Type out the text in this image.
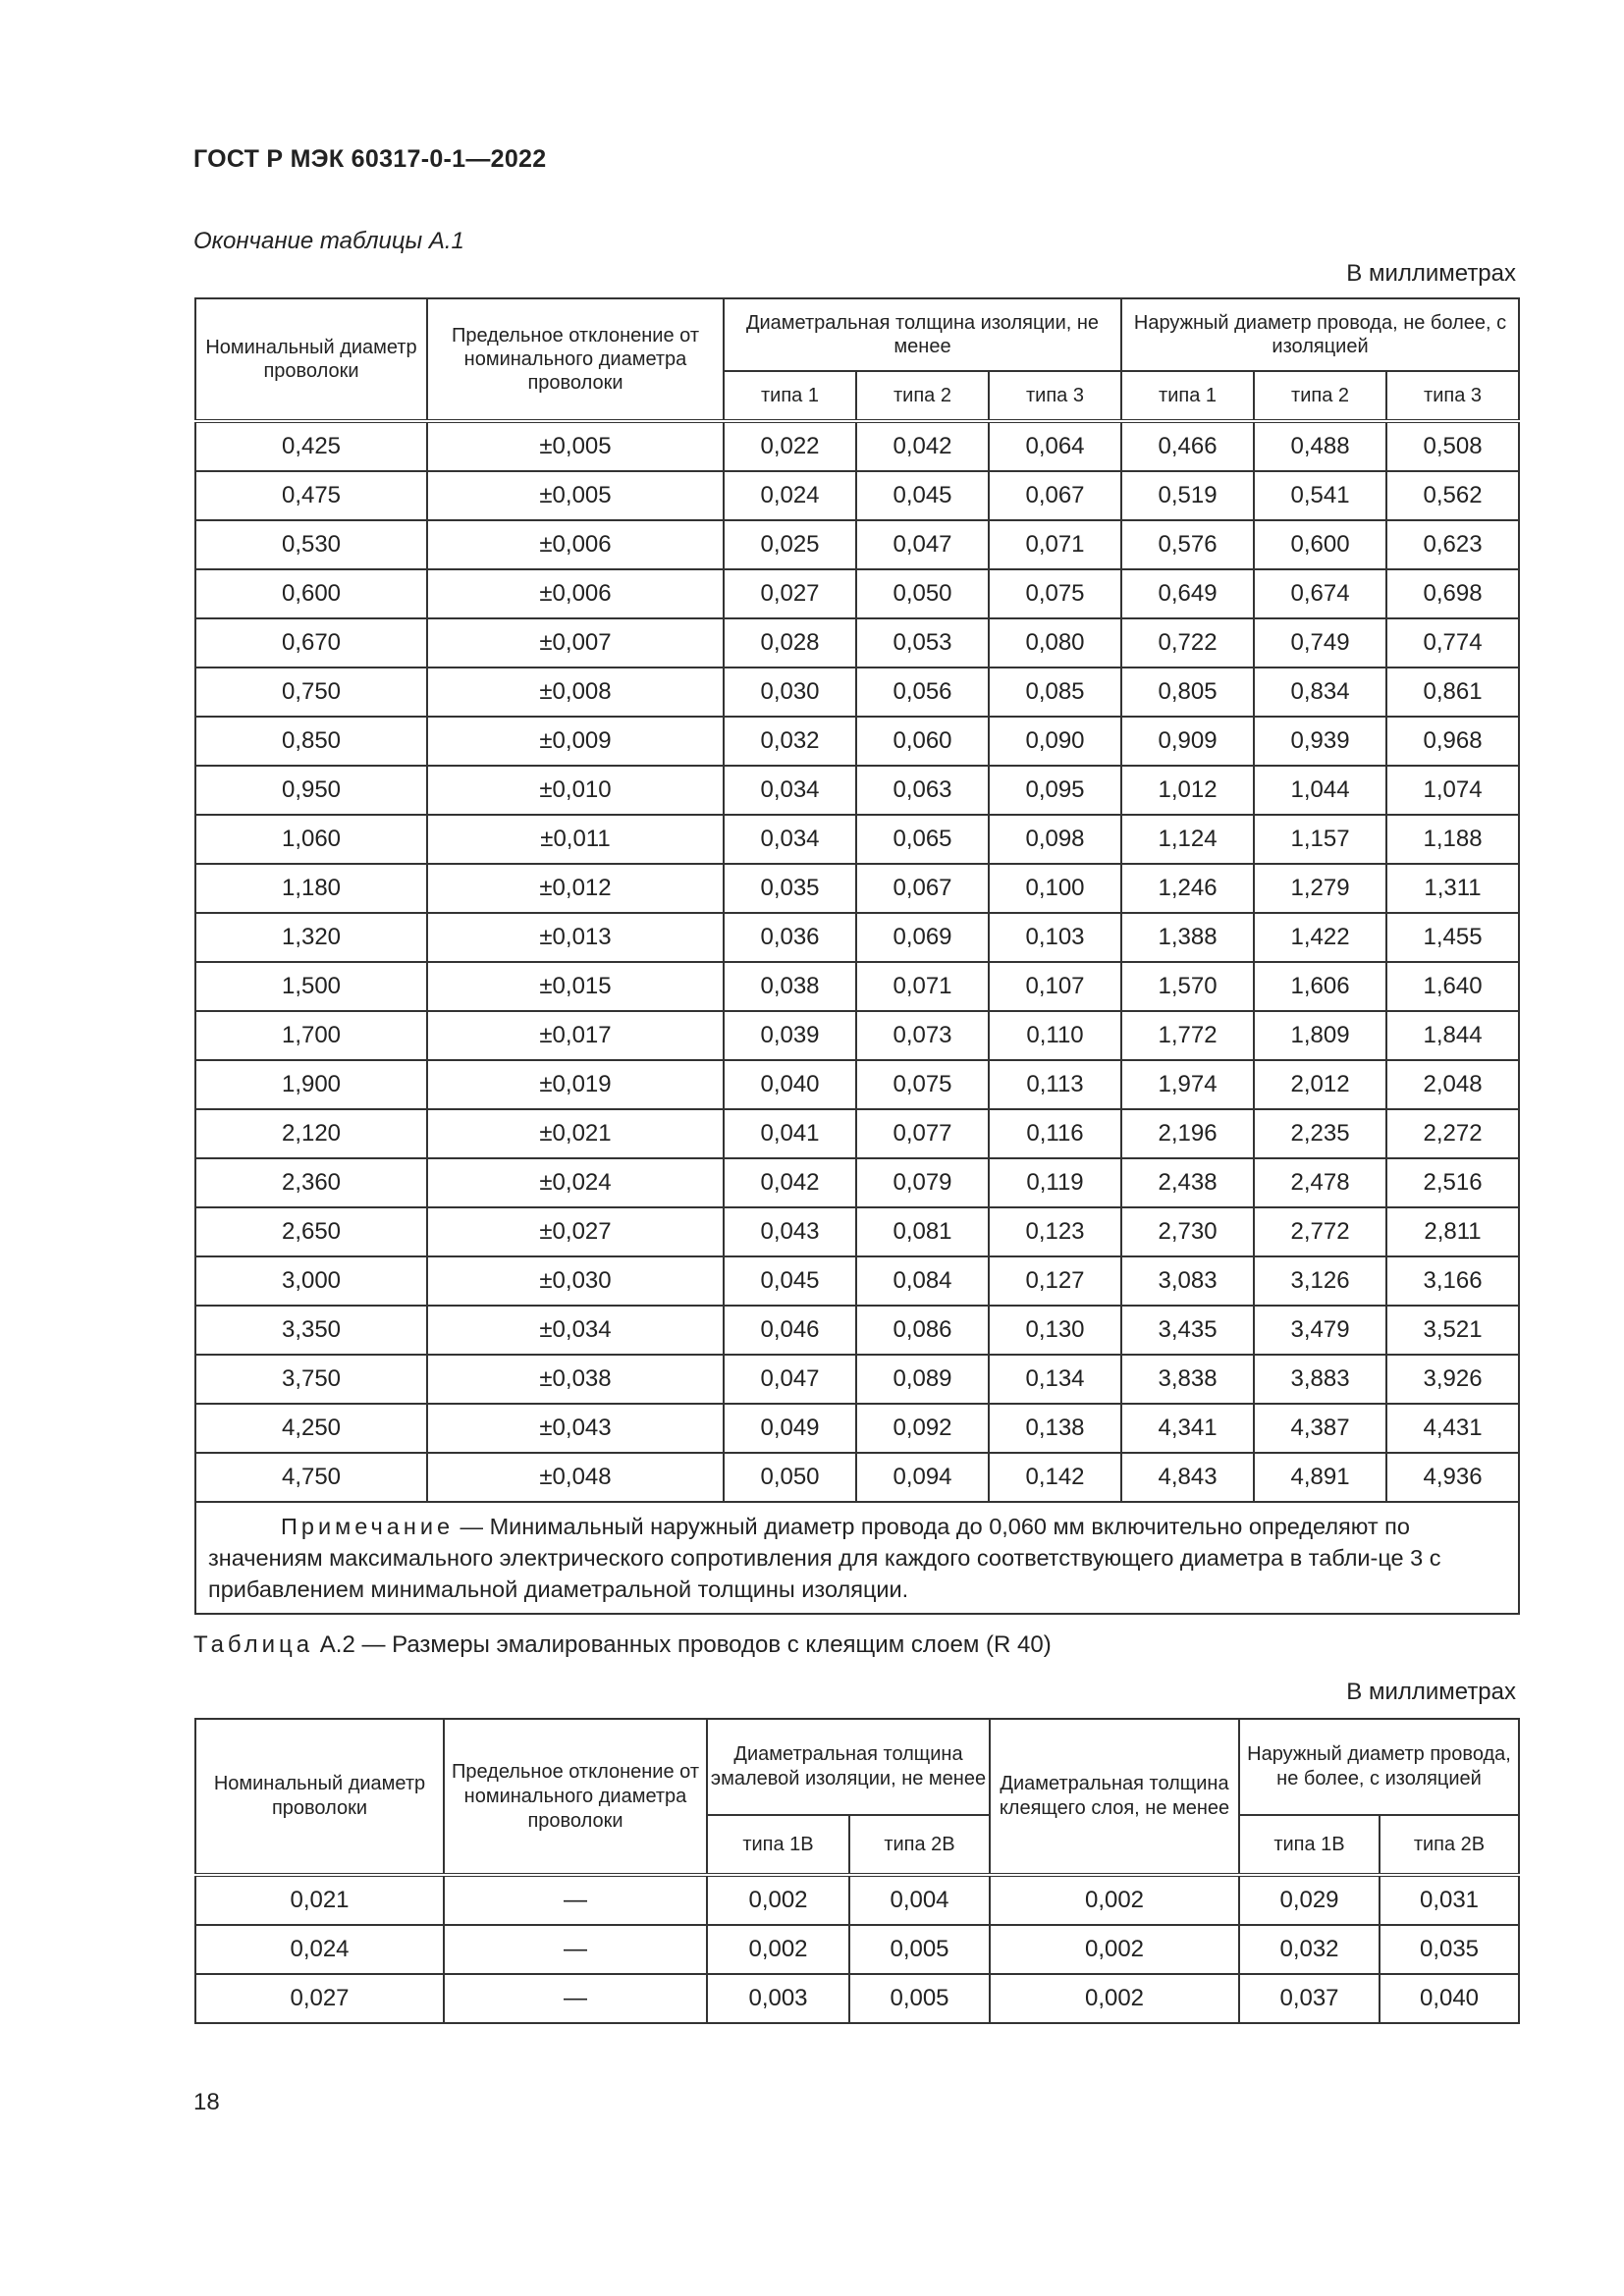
ГОСТ Р МЭК 60317-0-1—2022
Окончание таблицы А.1
В миллиметрах
Номинальный диаметр проволоки	Предельное отклонение от номинального диаметра проволоки	Диаметральная толщина изоляции, не менее			Наружный диаметр провода, не более, с изоляцией		
		типа 1	типа 2	типа 3	типа 1	типа 2	типа 3
0,425	±0,005	0,022	0,042	0,064	0,466	0,488	0,508
0,475	±0,005	0,024	0,045	0,067	0,519	0,541	0,562
0,530	±0,006	0,025	0,047	0,071	0,576	0,600	0,623
0,600	±0,006	0,027	0,050	0,075	0,649	0,674	0,698
0,670	±0,007	0,028	0,053	0,080	0,722	0,749	0,774
0,750	±0,008	0,030	0,056	0,085	0,805	0,834	0,861
0,850	±0,009	0,032	0,060	0,090	0,909	0,939	0,968
0,950	±0,010	0,034	0,063	0,095	1,012	1,044	1,074
1,060	±0,011	0,034	0,065	0,098	1,124	1,157	1,188
1,180	±0,012	0,035	0,067	0,100	1,246	1,279	1,311
1,320	±0,013	0,036	0,069	0,103	1,388	1,422	1,455
1,500	±0,015	0,038	0,071	0,107	1,570	1,606	1,640
1,700	±0,017	0,039	0,073	0,110	1,772	1,809	1,844
1,900	±0,019	0,040	0,075	0,113	1,974	2,012	2,048
2,120	±0,021	0,041	0,077	0,116	2,196	2,235	2,272
2,360	±0,024	0,042	0,079	0,119	2,438	2,478	2,516
2,650	±0,027	0,043	0,081	0,123	2,730	2,772	2,811
3,000	±0,030	0,045	0,084	0,127	3,083	3,126	3,166
3,350	±0,034	0,046	0,086	0,130	3,435	3,479	3,521
3,750	±0,038	0,047	0,089	0,134	3,838	3,883	3,926
4,250	±0,043	0,049	0,092	0,138	4,341	4,387	4,431
4,750	±0,048	0,050	0,094	0,142	4,843	4,891	4,936
Примечание — Минимальный наружный диаметр провода до 0,060 мм включительно определяют по значениям максимального электрического сопротивления для каждого соответствующего диаметра в табли-це 3 с прибавлением минимальной диаметральной толщины изоляции.							
Таблица А.2 — Размеры эмалированных проводов с клеящим слоем (R 40)
В миллиметрах
Номинальный диаметр проволоки	Предельное отклонение от номинального диаметра проволоки	Диаметральная толщина эмалевой изоляции, не менее		Диаметральная толщина клеящего слоя, не менее	Наружный диаметр провода, не более, с изоляцией	
		типа 1В	типа 2В		типа 1В	типа 2В
0,021	—	0,002	0,004	0,002	0,029	0,031
0,024	—	0,002	0,005	0,002	0,032	0,035
0,027	—	0,003	0,005	0,002	0,037	0,040
18
